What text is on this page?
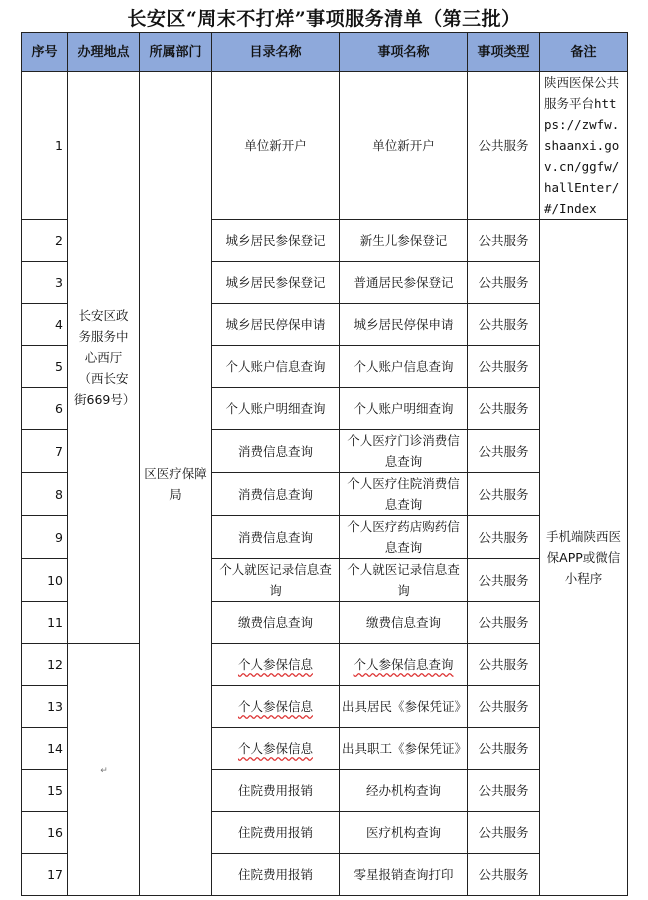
长安区“周末不打烊”事项服务清单（第三批）
序号	办理地点	所属部门	目录名称	事项名称	事项类型	备注
1	长安区政务服务中心西厅（西长安街669号）	区医疗保障局	单位新开户	单位新开户	公共服务	陕西医保公共服务平台https://zwfw.shaanxi.gov.cn/ggfw/hallEnter/#/Index
2			城乡居民参保登记	新生儿参保登记	公共服务	手机端陕西医保APP或微信小程序
3			城乡居民参保登记	普通居民参保登记	公共服务	
4			城乡居民停保申请	城乡居民停保申请	公共服务	
5			个人账户信息查询	个人账户信息查询	公共服务	
6			个人账户明细查询	个人账户明细查询	公共服务	
7			消费信息查询	个人医疗门诊消费信息查询	公共服务	
8			消费信息查询	个人医疗住院消费信息查询	公共服务	
9			消费信息查询	个人医疗药店购药信息查询	公共服务	
10			个人就医记录信息查询	个人就医记录信息查询	公共服务	
11			缴费信息查询	缴费信息查询	公共服务	
12	↵		个人参保信息	个人参保信息查询	公共服务	
13			个人参保信息	出具居民《参保凭证》	公共服务	
14			个人参保信息	出具职工《参保凭证》	公共服务	
15			住院费用报销	经办机构查询	公共服务	
16			住院费用报销	医疗机构查询	公共服务	
17			住院费用报销	零星报销查询打印	公共服务	
